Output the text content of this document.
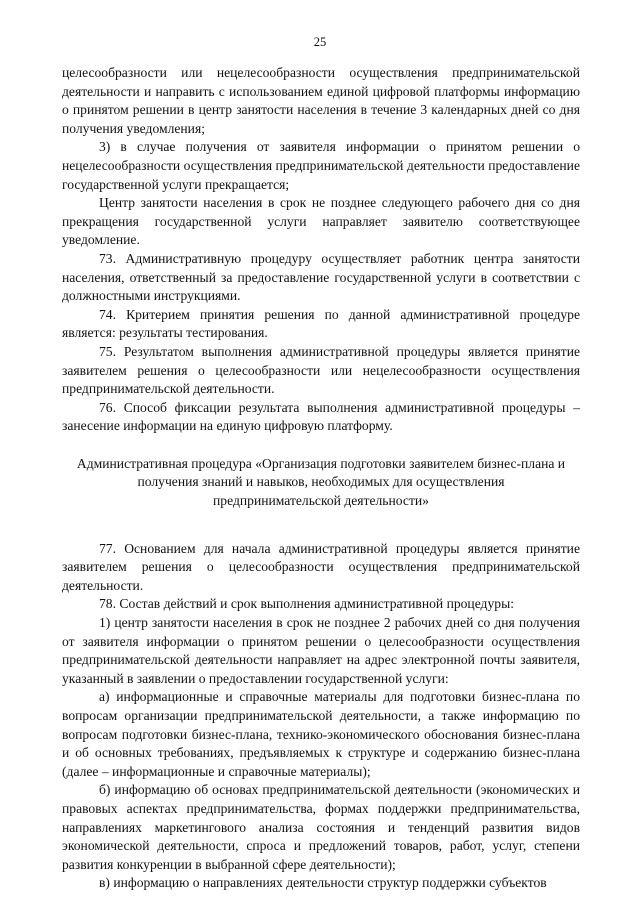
25

целесообразности или нецелесообразности осуществления предпринимательской деятельности и направить с использованием единой цифровой платформы информацию о принятом решении в центр занятости населения в течение 3 календарных дней со дня получения уведомления;

3) в случае получения от заявителя информации о принятом решении о нецелесообразности осуществления предпринимательской деятельности предоставление государственной услуги прекращается;

Центр занятости населения в срок не позднее следующего рабочего дня со дня прекращения государственной услуги направляет заявителю соответствующее уведомление.

73. Административную процедуру осуществляет работник центра занятости населения, ответственный за предоставление государственной услуги в соответствии с должностными инструкциями.

74. Критерием принятия решения по данной административной процедуре является: результаты тестирования.

75. Результатом выполнения административной процедуры является принятие заявителем решения о целесообразности или нецелесообразности осуществления предпринимательской деятельности.

76. Способ фиксации результата выполнения административной процедуры – занесение информации на единую цифровую платформу.

Административная процедура «Организация подготовки заявителем бизнес-плана и получения знаний и навыков, необходимых для осуществления предпринимательской деятельности»

77. Основанием для начала административной процедуры является принятие заявителем решения о целесообразности осуществления предпринимательской деятельности.

78. Состав действий и срок выполнения административной процедуры:

1) центр занятости населения в срок не позднее 2 рабочих дней со дня получения от заявителя информации о принятом решении о целесообразности осуществления предпринимательской деятельности направляет на адрес электронной почты заявителя, указанный в заявлении о предоставлении государственной услуги:

а) информационные и справочные материалы для подготовки бизнес-плана по вопросам организации предпринимательской деятельности, а также информацию по вопросам подготовки бизнес-плана, технико-экономического обоснования бизнес-плана и об основных требованиях, предъявляемых к структуре и содержанию бизнес-плана (далее – информационные и справочные материалы);

б) информацию об основах предпринимательской деятельности (экономических и правовых аспектах предпринимательства, формах поддержки предпринимательства, направлениях маркетингового анализа состояния и тенденций развития видов экономической деятельности, спроса и предложений товаров, работ, услуг, степени развития конкуренции в выбранной сфере деятельности);

в) информацию о направлениях деятельности структур поддержки субъектов
